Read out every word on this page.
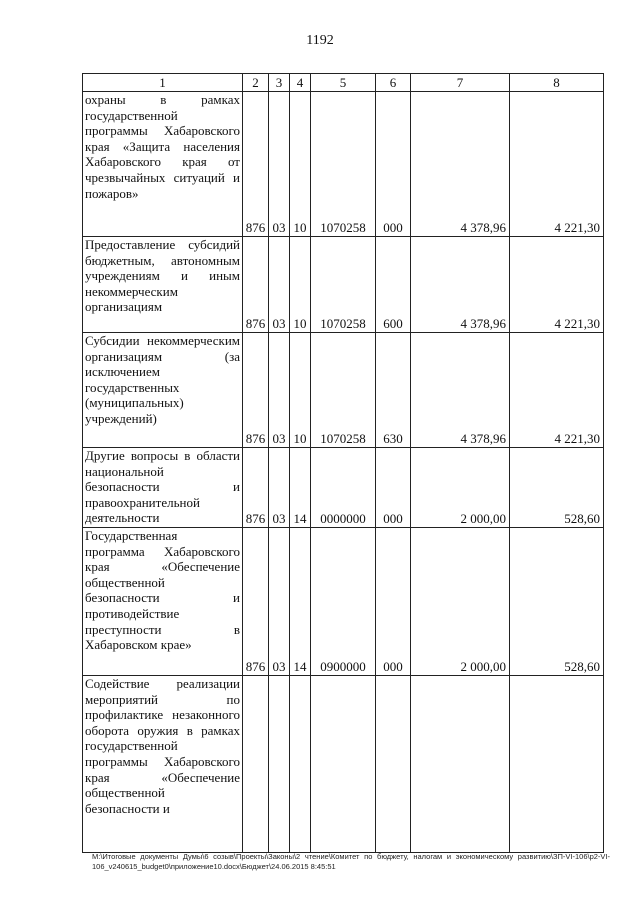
1192
1	2	3	4	5	6	7	8

охраны в рамках государственной программы Хабаровского края «Защита населения Хабаровского края от чрезвычайных ситуаций и пожаров»	876	03	10	1070258	000	4 378,96	4 221,30

Предоставление субсидий бюджетным, автономным учреждениям и иным некоммерческим организациям	876	03	10	1070258	600	4 378,96	4 221,30

Субсидии некоммерческим организациям (за исключением государственных (муниципальных) учреждений)	876	03	10	1070258	630	4 378,96	4 221,30

Другие вопросы в области национальной безопасности и правоохранительной деятельности	876	03	14	0000000	000	2 000,00	528,60

Государственная программа Хабаровского края «Обеспечение общественной безопасности и противодействие преступности в Хабаровском крае»	876	03	14	0900000	000	2 000,00	528,60

Содействие реализации мероприятий по профилактике незаконного оборота оружия в рамках государственной программы Хабаровского края «Обеспечение общественной безопасности и							

M:\Итоговые документы Думы\6 созыв\Проекты\Законы\2 чтение\Комитет по бюджету, налогам и экономическому развитию\ЗП-VI-106\р2-VI-106_v240615_budget0\приложение10.docx\Бюджет\24.06.2015 8:45:51
